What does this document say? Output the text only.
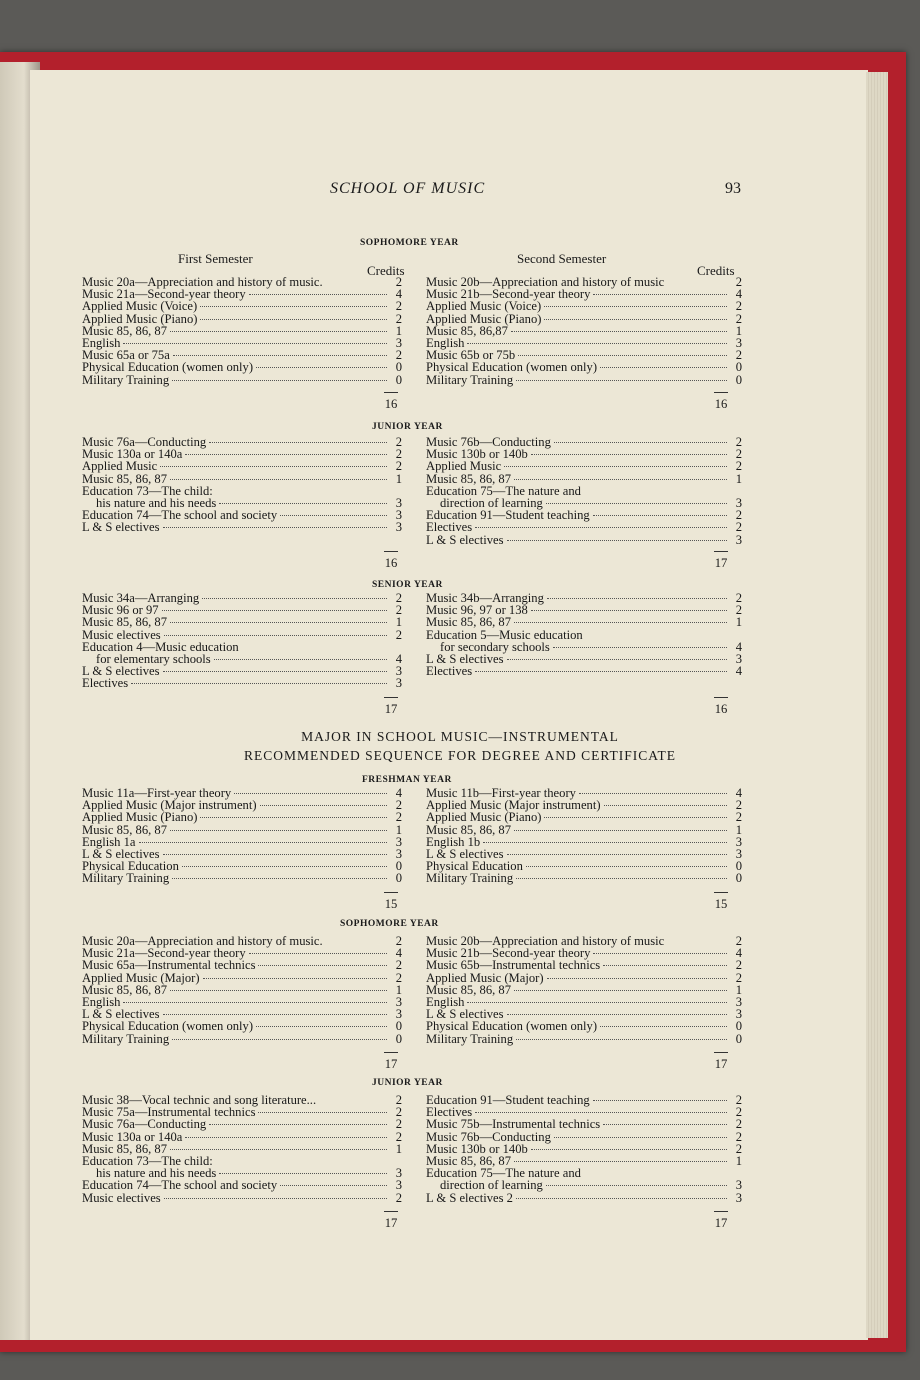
SCHOOL OF MUSIC	93
SOPHOMORE YEAR
First Semester	Second Semester
Credits	Credits
Music 20a—Appreciation and history of music.	2
Music 21a—Second-year theory	4
Applied Music (Voice)	2
Applied Music (Piano)	2
Music 85, 86, 87	1
English	3
Music 65a or 75a	2
Physical Education (women only)	0
Military Training	0
Music 20b—Appreciation and history of music	2
Music 21b—Second-year theory	4
Applied Music (Voice)	2
Applied Music (Piano)	2
Music 85, 86,87	1
English	3
Music 65b or 75b	2
Physical Education (women only)	0
Military Training	0
16	16
JUNIOR YEAR
Music 76a—Conducting	2
Music 130a or 140a	2
Applied Music	2
Music 85, 86, 87	1
Education 73—The child:
his nature and his needs	3
Education 74—The school and society	3
L & S electives	3
Music 76b—Conducting	2
Music 130b or 140b	2
Applied Music	2
Music 85, 86, 87	1
Education 75—The nature and
direction of learning	3
Education 91—Student teaching	2
Electives	2
L & S electives	3
16	17
SENIOR YEAR
Music 34a—Arranging	2
Music 96 or 97	2
Music 85, 86, 87	1
Music electives	2
Education 4—Music education
for elementary schools	4
L & S electives	3
Electives	3
Music 34b—Arranging	2
Music 96, 97 or 138	2
Music 85, 86, 87	1
Education 5—Music education
for secondary schools	4
L & S electives	3
Electives	4
17	16
MAJOR IN SCHOOL MUSIC—INSTRUMENTAL
RECOMMENDED SEQUENCE FOR DEGREE AND CERTIFICATE
FRESHMAN YEAR
Music 11a—First-year theory	4
Applied Music (Major instrument)	2
Applied Music (Piano)	2
Music 85, 86, 87	1
English 1a	3
L & S electives	3
Physical Education	0
Military Training	0
Music 11b—First-year theory	4
Applied Music (Major instrument)	2
Applied Music (Piano)	2
Music 85, 86, 87	1
English 1b	3
L & S electives	3
Physical Education	0
Military Training	0
15	15
SOPHOMORE YEAR
Music 20a—Appreciation and history of music.	2
Music 21a—Second-year theory	4
Music 65a—Instrumental technics	2
Applied Music (Major)	2
Music 85, 86, 87	1
English	3
L & S electives	3
Physical Education (women only)	0
Military Training	0
Music 20b—Appreciation and history of music	2
Music 21b—Second-year theory	4
Music 65b—Instrumental technics	2
Applied Music (Major)	2
Music 85, 86, 87	1
English	3
L & S electives	3
Physical Education (women only)	0
Military Training	0
17	17
JUNIOR YEAR
Music 38—Vocal technic and song literature...	2
Music 75a—Instrumental technics	2
Music 76a—Conducting	2
Music 130a or 140a	2
Music 85, 86, 87	1
Education 73—The child:
his nature and his needs	3
Education 74—The school and society	3
Music electives	2
Education 91—Student teaching	2
Electives	2
Music 75b—Instrumental technics	2
Music 76b—Conducting	2
Music 130b or 140b	2
Music 85, 86, 87	1
Education 75—The nature and
direction of learning	3
L & S electives 2	3
17	17
